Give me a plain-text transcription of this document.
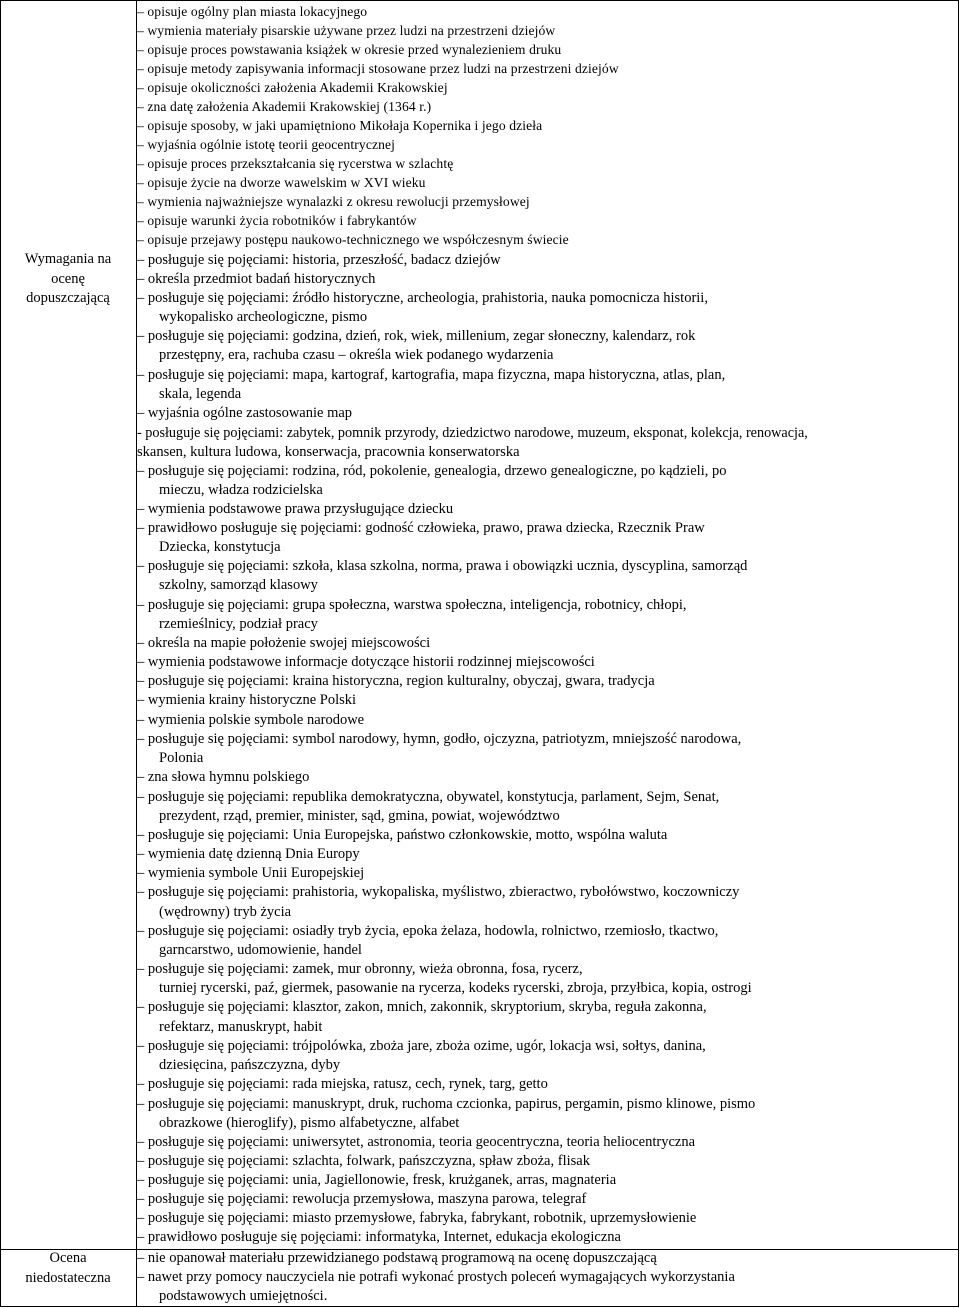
Wymagania na
ocenę
dopuszczającą
Ocena
niedostateczna
– opisuje ogólny plan miasta lokacyjnego
– wymienia materiały pisarskie używane przez ludzi na przestrzeni dziejów
– opisuje proces powstawania książek w okresie przed wynalezieniem druku
– opisuje metody zapisywania informacji stosowane przez ludzi na przestrzeni dziejów
– opisuje okoliczności założenia Akademii Krakowskiej
– zna datę założenia Akademii Krakowskiej (1364 r.)
– opisuje sposoby, w jaki upamiętniono Mikołaja Kopernika i jego dzieła
– wyjaśnia ogólnie istotę teorii geocentrycznej
– opisuje proces przekształcania się rycerstwa w szlachtę
– opisuje życie na dworze wawelskim w XVI wieku
– wymienia najważniejsze wynalazki z okresu rewolucji przemysłowej
– opisuje warunki życia robotników i fabrykantów
– opisuje przejawy postępu naukowo-technicznego we współczesnym świecie
– posługuje się pojęciami: historia, przeszłość, badacz dziejów
– określa przedmiot badań historycznych
– posługuje się pojęciami: źródło historyczne, archeologia, prahistoria, nauka pomocnicza historii,
wykopalisko archeologiczne, pismo
– posługuje się pojęciami: godzina, dzień, rok, wiek, millenium, zegar słoneczny, kalendarz, rok
przestępny, era, rachuba czasu – określa wiek podanego wydarzenia
– posługuje się pojęciami: mapa, kartograf, kartografia, mapa fizyczna, mapa historyczna, atlas, plan,
skala, legenda
– wyjaśnia ogólne zastosowanie map
- posługuje się pojęciami: zabytek, pomnik przyrody, dziedzictwo narodowe, muzeum, eksponat, kolekcja, renowacja,
skansen, kultura ludowa, konserwacja, pracownia konserwatorska
– posługuje się pojęciami: rodzina, ród, pokolenie, genealogia, drzewo genealogiczne, po kądzieli, po
mieczu, władza rodzicielska
– wymienia podstawowe prawa przysługujące dziecku
– prawidłowo posługuje się pojęciami: godność człowieka, prawo, prawa dziecka, Rzecznik Praw
Dziecka, konstytucja
– posługuje się pojęciami: szkoła, klasa szkolna, norma, prawa i obowiązki ucznia, dyscyplina, samorząd
szkolny, samorząd klasowy
– posługuje się pojęciami: grupa społeczna, warstwa społeczna, inteligencja, robotnicy, chłopi,
rzemieślnicy, podział pracy
– określa na mapie położenie swojej miejscowości
– wymienia podstawowe informacje dotyczące historii rodzinnej miejscowości
– posługuje się pojęciami: kraina historyczna, region kulturalny, obyczaj, gwara, tradycja
– wymienia krainy historyczne Polski
– wymienia polskie symbole narodowe
– posługuje się pojęciami: symbol narodowy, hymn, godło, ojczyzna, patriotyzm, mniejszość narodowa,
Polonia
– zna słowa hymnu polskiego
– posługuje się pojęciami: republika demokratyczna, obywatel, konstytucja, parlament, Sejm, Senat,
prezydent, rząd, premier, minister, sąd, gmina, powiat, województwo
– posługuje się pojęciami: Unia Europejska, państwo członkowskie, motto, wspólna waluta
– wymienia datę dzienną Dnia Europy
– wymienia symbole Unii Europejskiej
– posługuje się pojęciami: prahistoria, wykopaliska, myślistwo, zbieractwo, rybołówstwo, koczowniczy
(wędrowny) tryb życia
– posługuje się pojęciami: osiadły tryb życia, epoka żelaza, hodowla, rolnictwo, rzemiosło, tkactwo,
garncarstwo, udomowienie, handel
– posługuje się pojęciami: zamek, mur obronny, wieża obronna, fosa, rycerz,
turniej rycerski, paź, giermek, pasowanie na rycerza, kodeks rycerski, zbroja, przyłbica, kopia, ostrogi
– posługuje się pojęciami: klasztor, zakon, mnich, zakonnik, skryptorium, skryba, reguła zakonna,
refektarz, manuskrypt, habit
– posługuje się pojęciami: trójpolówka, zboża jare, zboża ozime, ugór, lokacja wsi, sołtys, danina,
dziesięcina, pańszczyzna, dyby
– posługuje się pojęciami: rada miejska, ratusz, cech, rynek, targ, getto
– posługuje się pojęciami: manuskrypt, druk, ruchoma czcionka, papirus, pergamin, pismo klinowe, pismo
obrazkowe (hieroglify), pismo alfabetyczne, alfabet
– posługuje się pojęciami: uniwersytet, astronomia, teoria geocentryczna, teoria heliocentryczna
– posługuje się pojęciami: szlachta, folwark, pańszczyzna, spław zboża, flisak
– posługuje się pojęciami: unia, Jagiellonowie, fresk, krużganek, arras, magnateria
– posługuje się pojęciami: rewolucja przemysłowa, maszyna parowa, telegraf
– posługuje się pojęciami: miasto przemysłowe, fabryka, fabrykant, robotnik, uprzemysłowienie
– prawidłowo posługuje się pojęciami: informatyka, Internet, edukacja ekologiczna
– nie opanował materiału przewidzianego podstawą programową na ocenę dopuszczającą
– nawet przy pomocy nauczyciela nie potrafi wykonać prostych poleceń wymagających wykorzystania
podstawowych umiejętności.
